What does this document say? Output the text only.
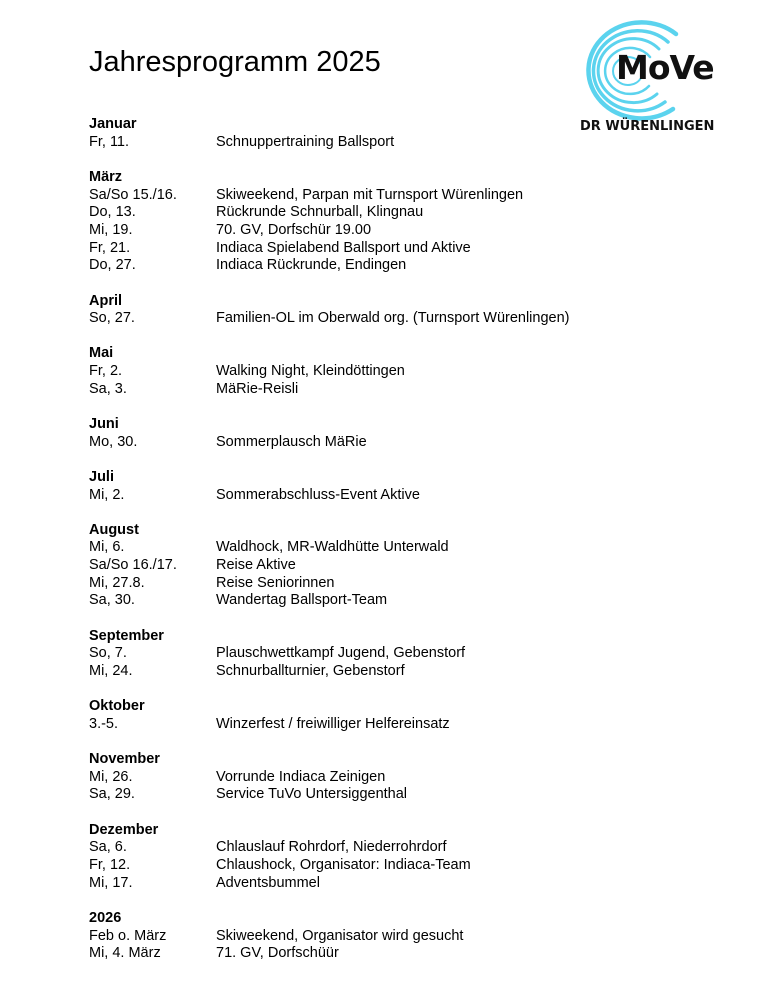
Jahresprogramm 2025	MoVe
DR WÜRENLINGEN
Januar
Fr, 11.	Schnuppertraining Ballsport
März
Sa/So 15./16.	Skiweekend, Parpan mit Turnsport Würenlingen
Do, 13.	Rückrunde Schnurball, Klingnau
Mi, 19.	70. GV, Dorfschür 19.00
Fr, 21.	Indiaca Spielabend Ballsport und Aktive
Do, 27.	Indiaca Rückrunde, Endingen
April
So, 27.	Familien-OL im Oberwald org. (Turnsport Würenlingen)
Mai
Fr, 2.	Walking Night, Kleindöttingen
Sa, 3.	MäRie-Reisli
Juni
Mo, 30.	Sommerplausch MäRie
Juli
Mi, 2.	Sommerabschluss-Event Aktive
August
Mi, 6.	Waldhock, MR-Waldhütte Unterwald
Sa/So 16./17.	Reise Aktive
Mi, 27.8.	Reise Seniorinnen
Sa, 30.	Wandertag Ballsport-Team
September
So, 7.	Plauschwettkampf Jugend, Gebenstorf
Mi, 24.	Schnurballturnier, Gebenstorf
Oktober
3.-5.	Winzerfest / freiwilliger Helfereinsatz
November
Mi, 26.	Vorrunde Indiaca Zeinigen
Sa, 29.	Service TuVo Untersiggenthal
Dezember
Sa, 6.	Chlauslauf Rohrdorf, Niederrohrdorf
Fr, 12.	Chlaushock, Organisator: Indiaca-Team
Mi, 17.	Adventsbummel
2026
Feb o. März	Skiweekend, Organisator wird gesucht
Mi, 4. März	71. GV, Dorfschüür
